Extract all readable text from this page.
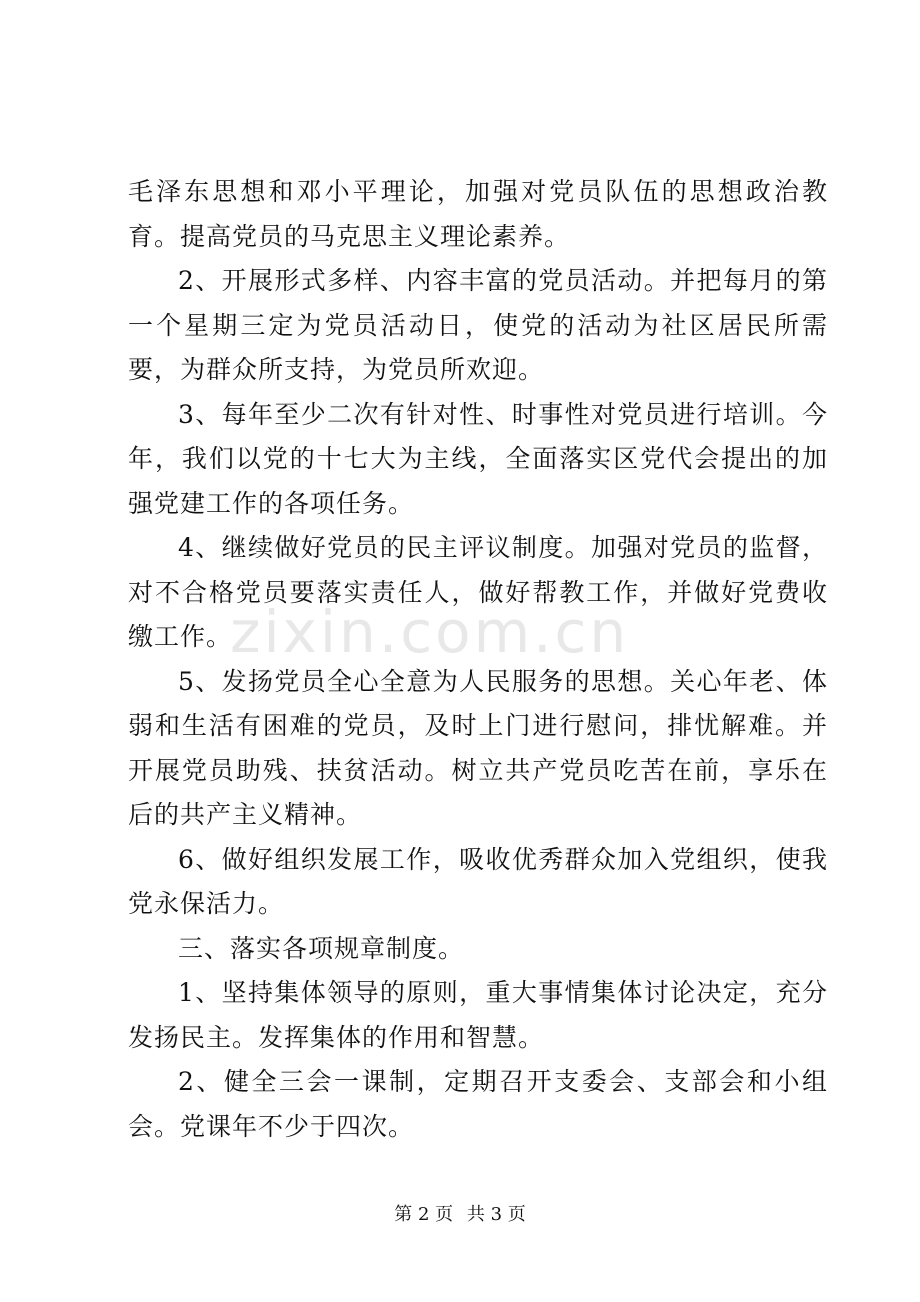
zixin.com.cn

毛泽东思想和邓小平理论，加强对党员队伍的思想政治教育。提高党员的马克思主义理论素养。

2、开展形式多样、内容丰富的党员活动。并把每月的第一个星期三定为党员活动日，使党的活动为社区居民所需要，为群众所支持，为党员所欢迎。

3、每年至少二次有针对性、时事性对党员进行培训。今年，我们以党的十七大为主线，全面落实区党代会提出的加强党建工作的各项任务。

4、继续做好党员的民主评议制度。加强对党员的监督，对不合格党员要落实责任人，做好帮教工作，并做好党费收缴工作。

5、发扬党员全心全意为人民服务的思想。关心年老、体弱和生活有困难的党员，及时上门进行慰问，排忧解难。并开展党员助残、扶贫活动。树立共产党员吃苦在前，享乐在后的共产主义精神。

6、做好组织发展工作，吸收优秀群众加入党组织，使我党永保活力。

三、落实各项规章制度。

1、坚持集体领导的原则，重大事情集体讨论决定，充分发扬民主。发挥集体的作用和智慧。

2、健全三会一课制，定期召开支委会、支部会和小组会。党课年不少于四次。

第 2 页 共 3 页
